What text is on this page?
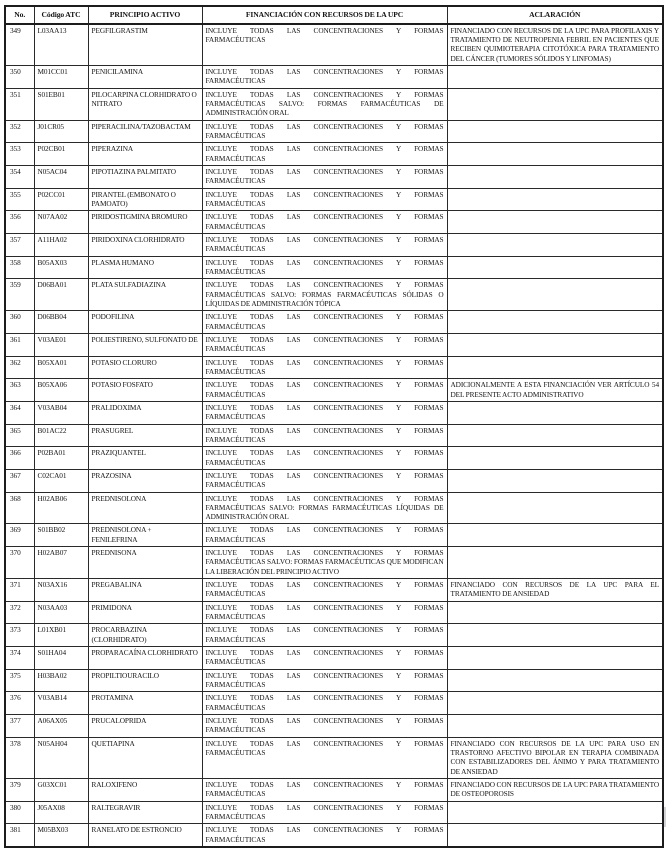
No.	Código ATC	PRINCIPIO ACTIVO	FINANCIACIÓN CON RECURSOS DE LA UPC	ACLARACIÓN
349	L03AA13	PEGFILGRASTIM	INCLUYE TODAS LAS CONCENTRACIONES Y FORMAS FARMACÉUTICAS	FINANCIADO CON RECURSOS DE LA UPC PARA PROFILAXIS Y TRATAMIENTO DE NEUTROPENIA FEBRIL EN PACIENTES QUE RECIBEN QUIMIOTERAPIA CITOTÓXICA PARA TRATAMIENTO DEL CÁNCER (TUMORES SÓLIDOS Y LINFOMAS)
350	M01CC01	PENICILAMINA	INCLUYE TODAS LAS CONCENTRACIONES Y FORMAS FARMACÉUTICAS	
351	S01EB01	PILOCARPINA CLORHIDRATO O NITRATO	INCLUYE TODAS LAS CONCENTRACIONES Y FORMAS FARMACÉUTICAS SALVO: FORMAS FARMACÉUTICAS DE ADMINISTRACIÓN ORAL	
352	J01CR05	PIPERACILINA/TAZOBACTAM	INCLUYE TODAS LAS CONCENTRACIONES Y FORMAS FARMACÉUTICAS	
353	P02CB01	PIPERAZINA	INCLUYE TODAS LAS CONCENTRACIONES Y FORMAS FARMACÉUTICAS	
354	N05AC04	PIPOTIAZINA PALMITATO	INCLUYE TODAS LAS CONCENTRACIONES Y FORMAS FARMACÉUTICAS	
355	P02CC01	PIRANTEL (EMBONATO O PAMOATO)	INCLUYE TODAS LAS CONCENTRACIONES Y FORMAS FARMACÉUTICAS	
356	N07AA02	PIRIDOSTIGMINA BROMURO	INCLUYE TODAS LAS CONCENTRACIONES Y FORMAS FARMACÉUTICAS	
357	A11HA02	PIRIDOXINA CLORHIDRATO	INCLUYE TODAS LAS CONCENTRACIONES Y FORMAS FARMACÉUTICAS	
358	B05AX03	PLASMA HUMANO	INCLUYE TODAS LAS CONCENTRACIONES Y FORMAS FARMACÉUTICAS	
359	D06BA01	PLATA SULFADIAZINA	INCLUYE TODAS LAS CONCENTRACIONES Y FORMAS FARMACÉUTICAS SALVO: FORMAS FARMACÉUTICAS SÓLIDAS O LÍQUIDAS DE ADMINISTRACIÓN TÓPICA	
360	D06BB04	PODOFILINA	INCLUYE TODAS LAS CONCENTRACIONES Y FORMAS FARMACÉUTICAS	
361	V03AE01	POLIESTIRENO, SULFONATO DE	INCLUYE TODAS LAS CONCENTRACIONES Y FORMAS FARMACÉUTICAS	
362	B05XA01	POTASIO CLORURO	INCLUYE TODAS LAS CONCENTRACIONES Y FORMAS FARMACÉUTICAS	
363	B05XA06	POTASIO FOSFATO	INCLUYE TODAS LAS CONCENTRACIONES Y FORMAS FARMACÉUTICAS	ADICIONALMENTE A ESTA FINANCIACIÓN VER ARTÍCULO 54 DEL PRESENTE ACTO ADMINISTRATIVO
364	V03AB04	PRALIDOXIMA	INCLUYE TODAS LAS CONCENTRACIONES Y FORMAS FARMACÉUTICAS	
365	B01AC22	PRASUGREL	INCLUYE TODAS LAS CONCENTRACIONES Y FORMAS FARMACÉUTICAS	
366	P02BA01	PRAZIQUANTEL	INCLUYE TODAS LAS CONCENTRACIONES Y FORMAS FARMACÉUTICAS	
367	C02CA01	PRAZOSINA	INCLUYE TODAS LAS CONCENTRACIONES Y FORMAS FARMACÉUTICAS	
368	H02AB06	PREDNISOLONA	INCLUYE TODAS LAS CONCENTRACIONES Y FORMAS FARMACÉUTICAS SALVO: FORMAS FARMACÉUTICAS LÍQUIDAS DE ADMINISTRACIÓN ORAL	
369	S01BB02	PREDNISOLONA + FENILEFRINA	INCLUYE TODAS LAS CONCENTRACIONES Y FORMAS FARMACÉUTICAS	
370	H02AB07	PREDNISONA	INCLUYE TODAS LAS CONCENTRACIONES Y FORMAS FARMACÉUTICAS SALVO: FORMAS FARMACÉUTICAS QUE MODIFICAN LA LIBERACIÓN DEL PRINCIPIO ACTIVO	
371	N03AX16	PREGABALINA	INCLUYE TODAS LAS CONCENTRACIONES Y FORMAS FARMACÉUTICAS	FINANCIADO CON RECURSOS DE LA UPC PARA EL TRATAMIENTO DE ANSIEDAD
372	N03AA03	PRIMIDONA	INCLUYE TODAS LAS CONCENTRACIONES Y FORMAS FARMACÉUTICAS	
373	L01XB01	PROCARBAZINA (CLORHIDRATO)	INCLUYE TODAS LAS CONCENTRACIONES Y FORMAS FARMACÉUTICAS	
374	S01HA04	PROPARACAÍNA CLORHIDRATO	INCLUYE TODAS LAS CONCENTRACIONES Y FORMAS FARMACÉUTICAS	
375	H03BA02	PROPILTIOURACILO	INCLUYE TODAS LAS CONCENTRACIONES Y FORMAS FARMACÉUTICAS	
376	V03AB14	PROTAMINA	INCLUYE TODAS LAS CONCENTRACIONES Y FORMAS FARMACÉUTICAS	
377	A06AX05	PRUCALOPRIDA	INCLUYE TODAS LAS CONCENTRACIONES Y FORMAS FARMACÉUTICAS	
378	N05AH04	QUETIAPINA	INCLUYE TODAS LAS CONCENTRACIONES Y FORMAS FARMACÉUTICAS	FINANCIADO CON RECURSOS DE LA UPC PARA USO EN TRASTORNO AFECTIVO BIPOLAR EN TERAPIA COMBINADA CON ESTABILIZADORES DEL ÁNIMO Y PARA TRATAMIENTO DE ANSIEDAD
379	G03XC01	RALOXIFENO	INCLUYE TODAS LAS CONCENTRACIONES Y FORMAS FARMACÉUTICAS	FINANCIADO CON RECURSOS DE LA UPC PARA TRATAMIENTO DE OSTEOPOROSIS
380	J05AX08	RALTEGRAVIR	INCLUYE TODAS LAS CONCENTRACIONES Y FORMAS FARMACÉUTICAS	
381	M05BX03	RANELATO DE ESTRONCIO	INCLUYE TODAS LAS CONCENTRACIONES Y FORMAS FARMACÉUTICAS	
